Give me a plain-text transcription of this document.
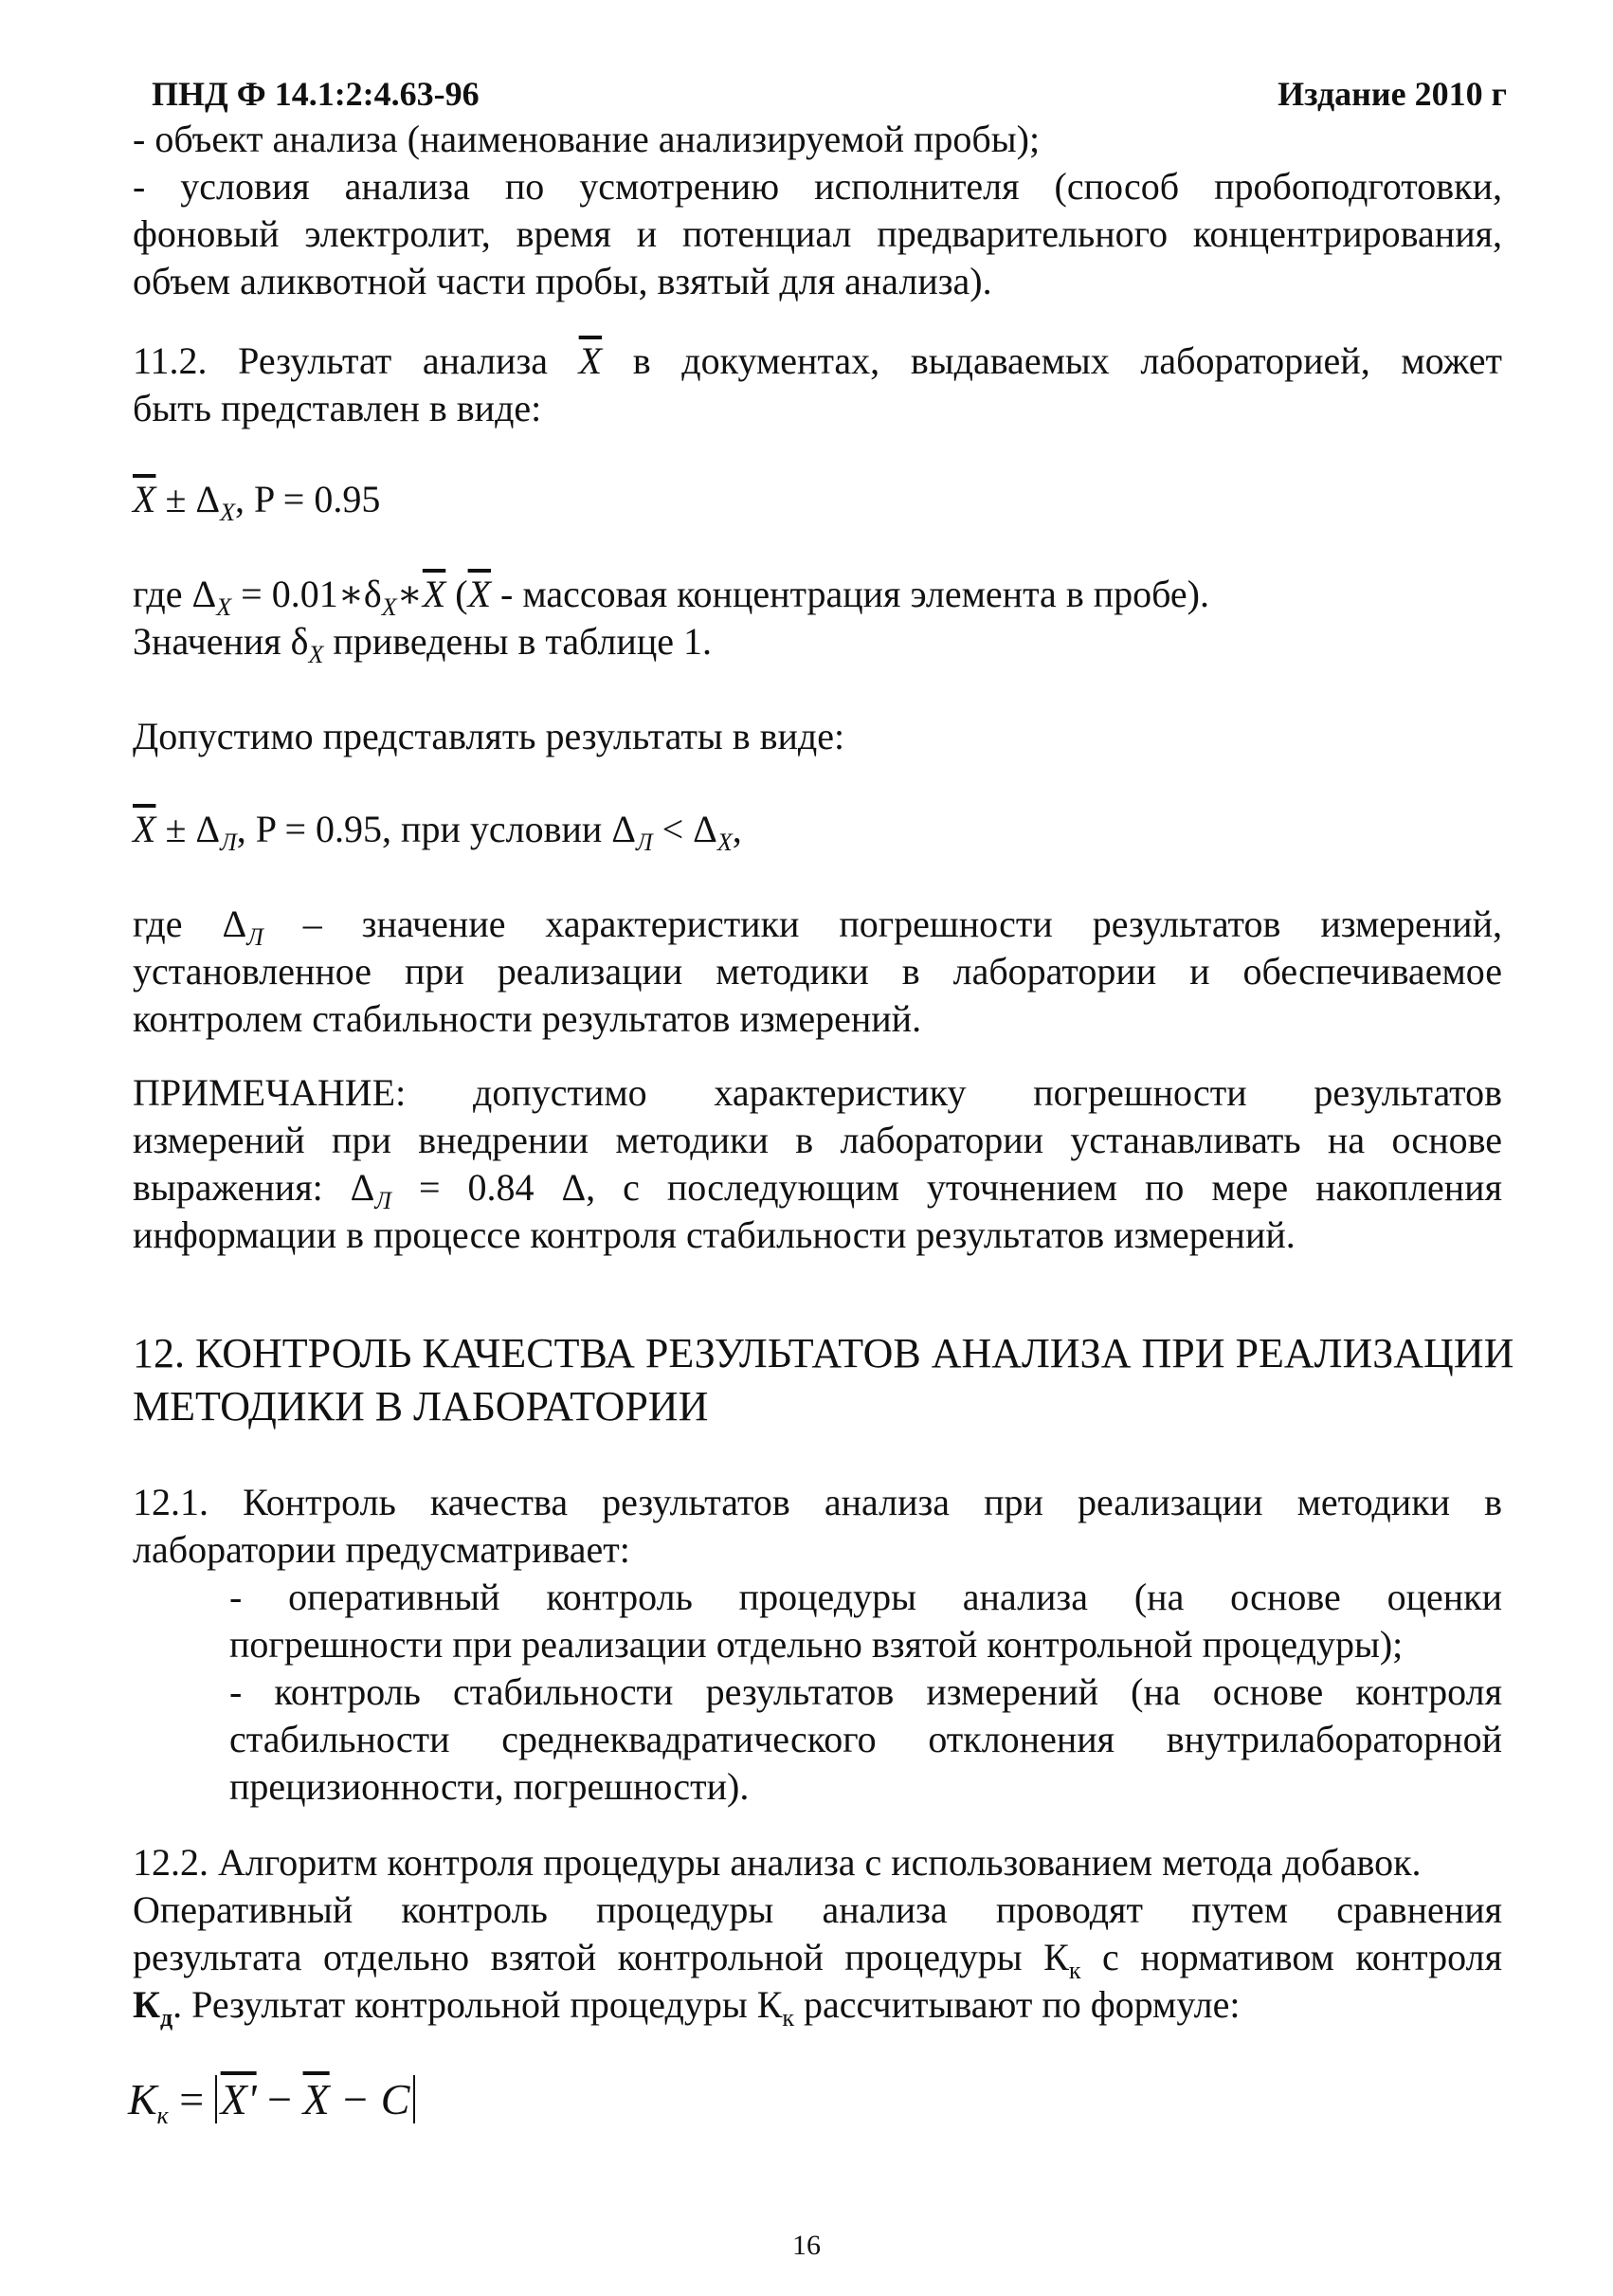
ПНД Ф 14.1:2:4.63-96	Издание 2010 г
- объект анализа (наименование анализируемой пробы);
- условия анализа по усмотрению исполнителя (способ пробоподготовки,
фоновый электролит, время и потенциал предварительного концентрирования,
объем аликвотной части пробы, взятый для анализа).
11.2. Результат анализа $\overline{X}$ в документах, выдаваемых лабораторией, может
быть представлен в виде:
$\overline{X} \pm \Delta_X$, P = 0.95
где $\Delta_X$ = $0.01∗\delta_X∗\overline{X}$ ($\overline{X}$ - массовая концентрация элемента в пробе).
Значения $\delta_X$ приведены в таблице 1.
Допустимо представлять результаты в виде:
$\overline{X} \pm \Delta_Л$, P = 0.95, при условии $\Delta_Л < \Delta_X$,
где $\Delta_Л$ – значение характеристики погрешности результатов измерений,
установленное при реализации методики в лаборатории и обеспечиваемое
контролем стабильности результатов измерений.
ПРИМЕЧАНИЕ: допустимо характеристику погрешности результатов
измерений при внедрении методики в лаборатории устанавливать на основе
выражения: $\Delta_Л = 0.84$ Δ, с последующим уточнением по мере накопления
информации в процессе контроля стабильности результатов измерений.
12. КОНТРОЛЬ КАЧЕСТВА РЕЗУЛЬТАТОВ АНАЛИЗА ПРИ РЕАЛИЗАЦИИ
МЕТОДИКИ В ЛАБОРАТОРИИ
12.1. Контроль качества результатов анализа при реализации методики в
лаборатории предусматривает:
- оперативный контроль процедуры анализа (на основе оценки
погрешности при реализации отдельно взятой контрольной процедуры);
- контроль стабильности результатов измерений (на основе контроля
стабильности среднеквадратического отклонения внутрилабораторной
прецизионности, погрешности).
12.2. Алгоритм контроля процедуры анализа с использованием метода добавок.
Оперативный контроль процедуры анализа проводят путем сравнения
результата отдельно взятой контрольной процедуры $К_к$ с нормативом контроля
$К_д$. Результат контрольной процедуры $К_к$ рассчитывают по формуле:
$К_к = X' - \overline{X} - C$
16
